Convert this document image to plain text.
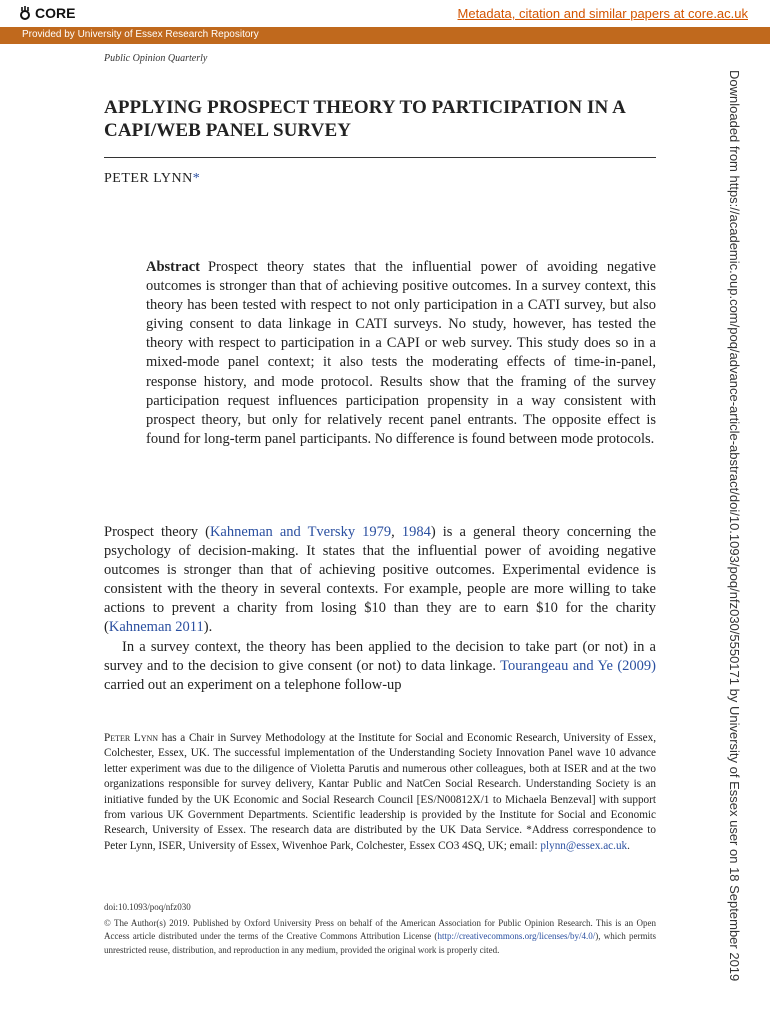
CORE	Metadata, citation and similar papers at core.ac.uk
Provided by University of Essex Research Repository
Public Opinion Quarterly
APPLYING PROSPECT THEORY TO PARTICIPATION IN A CAPI/WEB PANEL SURVEY
PETER LYNN*
Abstract Prospect theory states that the influential power of avoiding negative outcomes is stronger than that of achieving positive outcomes. In a survey context, this theory has been tested with respect to not only participation in a CATI survey, but also giving consent to data linkage in CATI surveys. No study, however, has tested the theory with respect to participation in a CAPI or web survey. This study does so in a mixed-mode panel context; it also tests the moderating effects of time-in-panel, response history, and mode protocol. Results show that the framing of the survey participation request influences participation propensity in a way consistent with prospect theory, but only for relatively recent panel entrants. The opposite effect is found for long-term panel participants. No difference is found between mode protocols.

Prospect theory (Kahneman and Tversky 1979, 1984) is a general theory concerning the psychology of decision-making. It states that the influential power of avoiding negative outcomes is stronger than that of achieving positive outcomes. Experimental evidence is consistent with the theory in several contexts. For example, people are more willing to take actions to prevent a charity from losing $10 than they are to earn $10 for the charity (Kahneman 2011).

In a survey context, the theory has been applied to the decision to take part (or not) in a survey and to the decision to give consent (or not) to data linkage. Tourangeau and Ye (2009) carried out an experiment on a telephone follow-up

Peter Lynn has a Chair in Survey Methodology at the Institute for Social and Economic Research, University of Essex, Colchester, Essex, UK. The successful implementation of the Understanding Society Innovation Panel wave 10 advance letter experiment was due to the diligence of Violetta Parutis and numerous other colleagues, both at ISER and at the two organizations responsible for survey delivery, Kantar Public and NatCen Social Research. Understanding Society is an initiative funded by the UK Economic and Social Research Council [ES/N00812X/1 to Michaela Benzeval] with support from various UK Government Departments. Scientific leadership is provided by the Institute for Social and Economic Research, University of Essex. The research data are distributed by the UK Data Service. *Address correspondence to Peter Lynn, ISER, University of Essex, Wivenhoe Park, Colchester, Essex CO3 4SQ, UK; email: plynn@essex.ac.uk.
doi:10.1093/poq/nfz030
© The Author(s) 2019. Published by Oxford University Press on behalf of the American Association for Public Opinion Research. This is an Open Access article distributed under the terms of the Creative Commons Attribution License (http://creativecommons.org/licenses/by/4.0/), which permits unrestricted reuse, distribution, and reproduction in any medium, provided the original work is properly cited.	Downloaded from https://academic.oup.com/poq/advance-article-abstract/doi/10.1093/poq/nfz030/5550171 by University of Essex user on 18 September 2019
